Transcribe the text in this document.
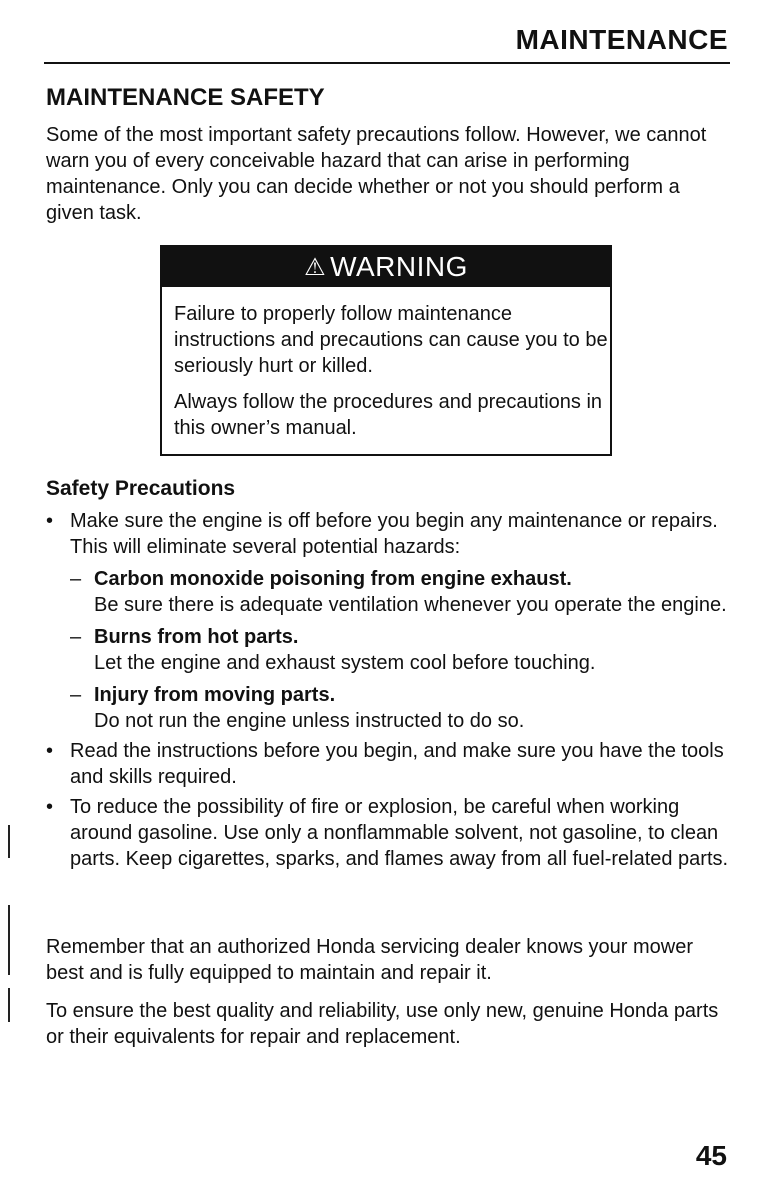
MAINTENANCE
MAINTENANCE SAFETY

Some of the most important safety precautions follow. However, we cannot warn you of every conceivable hazard that can arise in performing maintenance. Only you can decide whether or not you should perform a given task.

⚠ WARNING

Failure to properly follow maintenance instructions and precautions can cause you to be seriously hurt or killed.

Always follow the procedures and precautions in this owner’s manual.

Safety Precautions
• Make sure the engine is off before you begin any maintenance or repairs. This will eliminate several potential hazards:
– Carbon monoxide poisoning from engine exhaust.
Be sure there is adequate ventilation whenever you operate the engine.
– Burns from hot parts.
Let the engine and exhaust system cool before touching.
– Injury from moving parts.
Do not run the engine unless instructed to do so.
• Read the instructions before you begin, and make sure you have the tools and skills required.
• To reduce the possibility of fire or explosion, be careful when working around gasoline. Use only a nonflammable solvent, not gasoline, to clean parts. Keep cigarettes, sparks, and flames away from all fuel-related parts.

Remember that an authorized Honda servicing dealer knows your mower best and is fully equipped to maintain and repair it.

To ensure the best quality and reliability, use only new, genuine Honda parts or their equivalents for repair and replacement.

45
